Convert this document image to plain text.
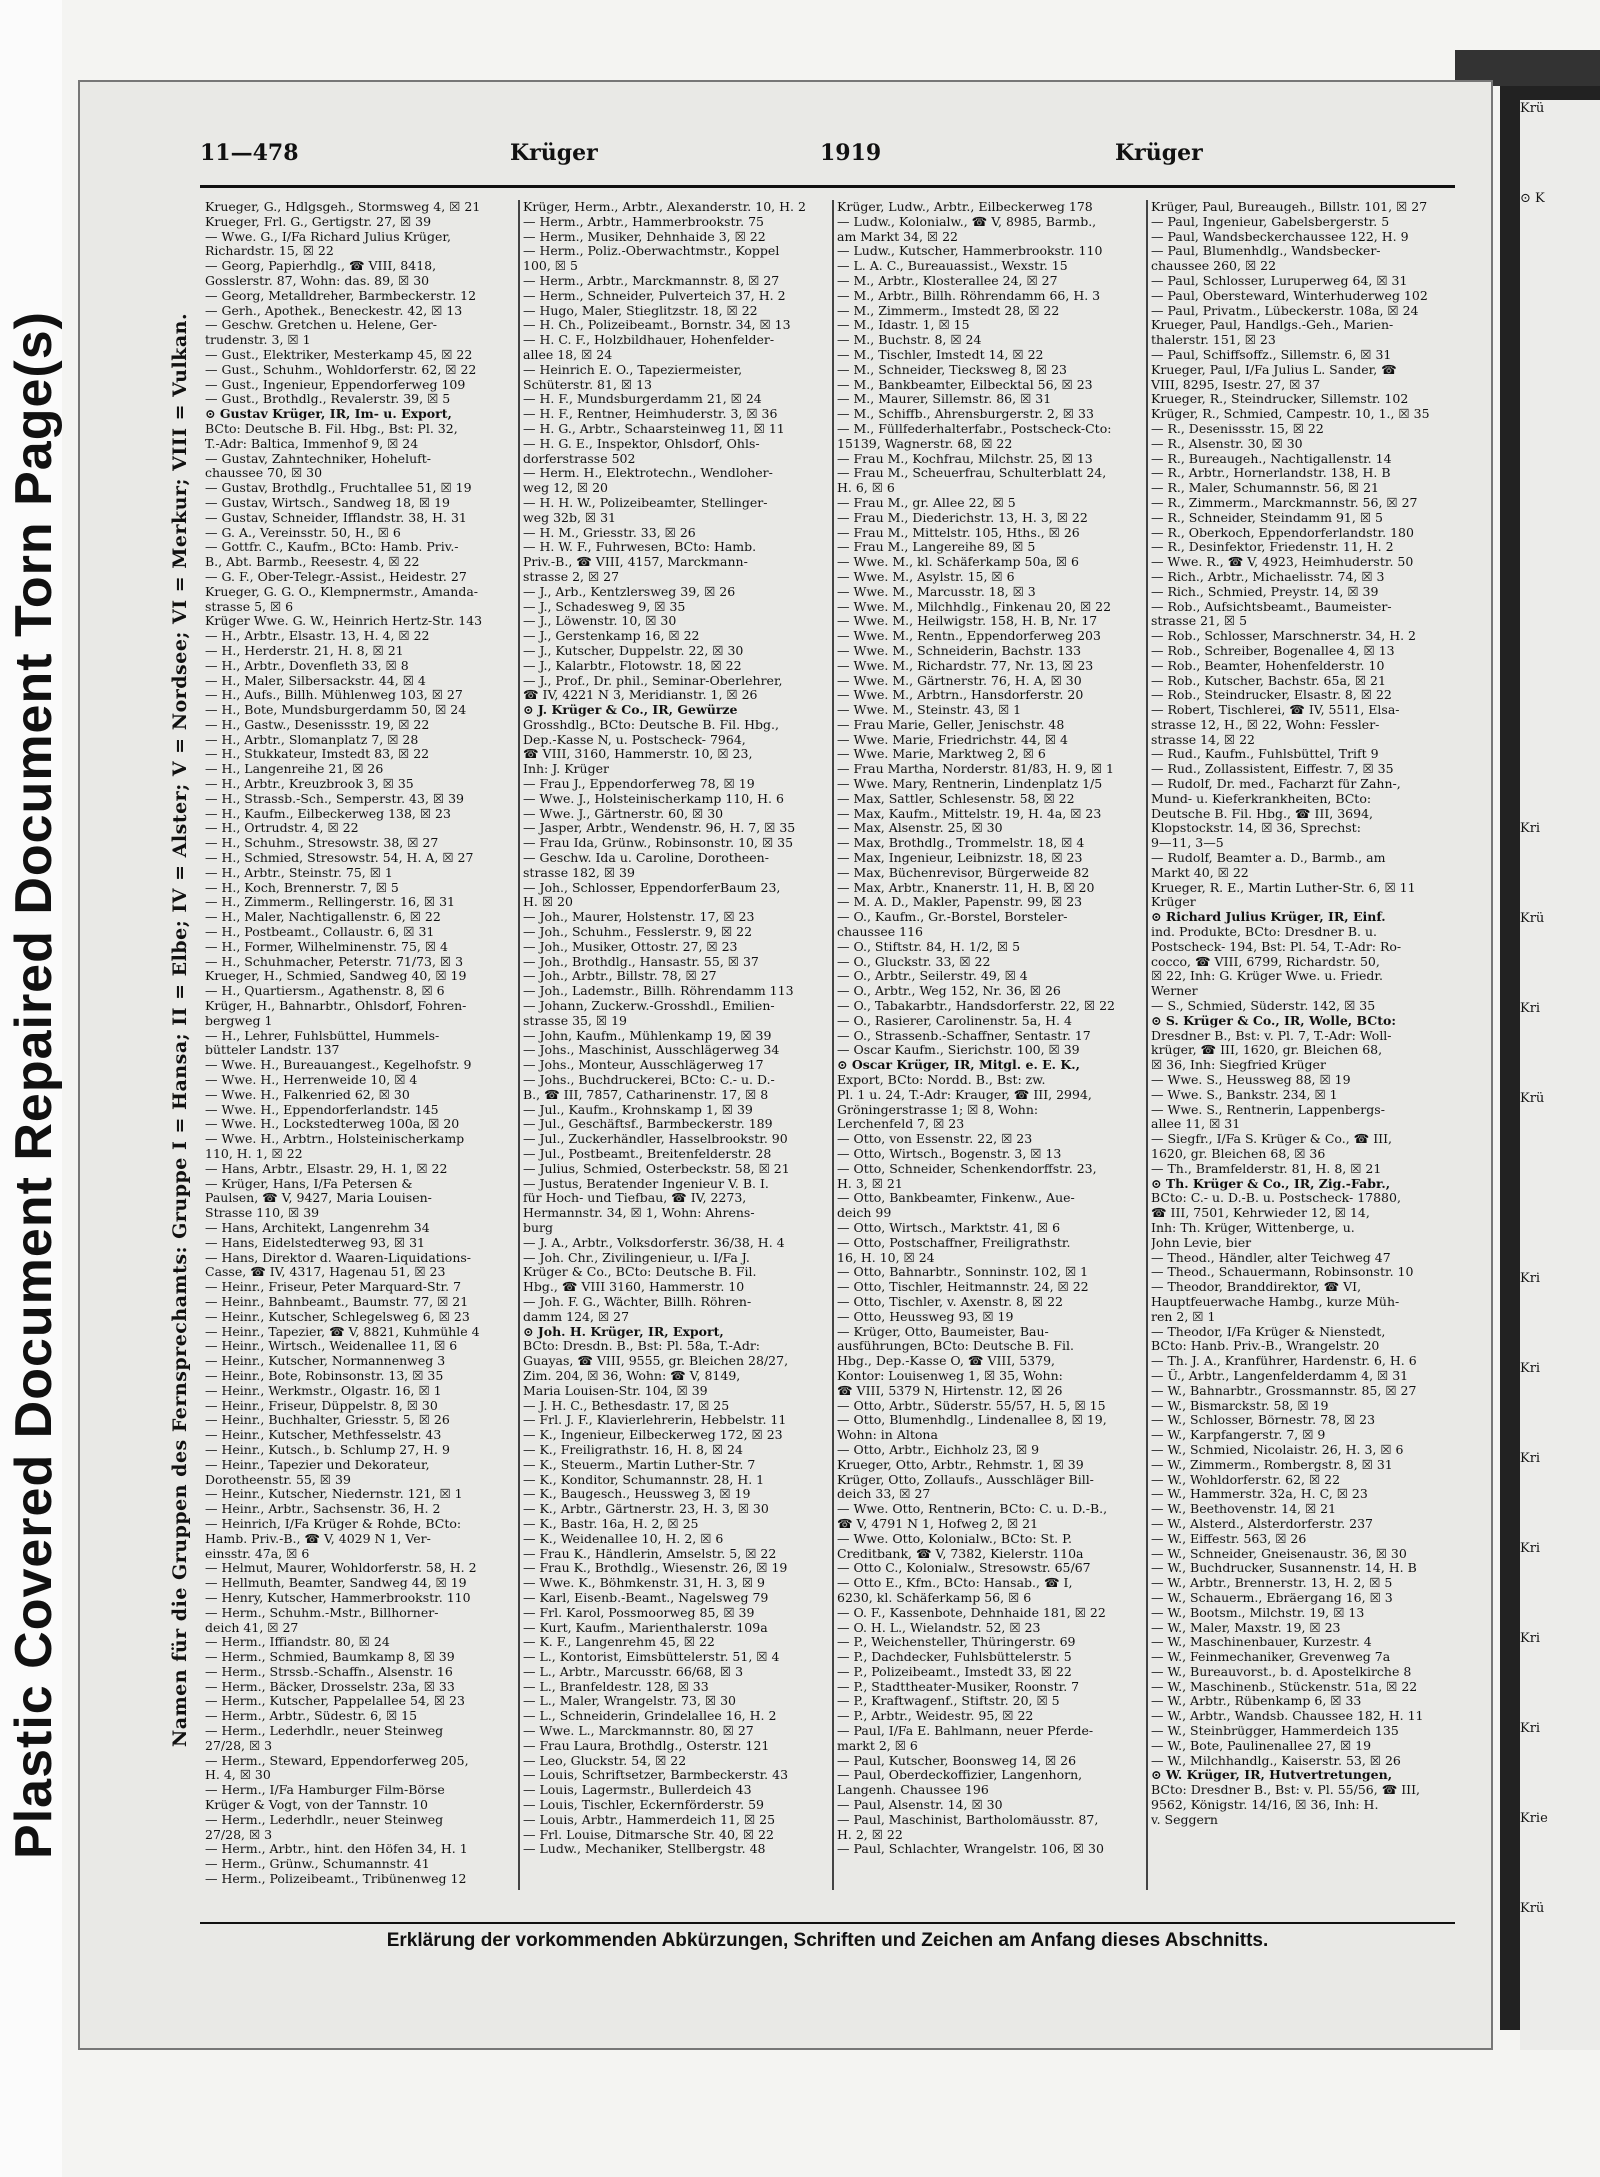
Plastic Covered Document Repaired Document Torn Page(s)
Krü
⊙ K
Kri
Krü
Kri
Krü
Kri
Kri
Kri
Kri
Kri
Kri
Krie
Krü
11—478	Krüger	1919	Krüger
Namen für die Gruppen des Fernsprechamts: Gruppe I = Hansa; II = Elbe; IV = Alster; V = Nordsee; VI = Merkur; VIII = Vulkan.
Krueger, G., Hdlgsgeh., Stormsweg 4, ☒ 21
Krueger, Frl. G., Gertigstr. 27, ☒ 39
— Wwe. G., I/Fa Richard Julius Krüger,
Richardstr. 15, ☒ 22
— Georg, Papierhdlg., ☎ VIII, 8418,
Gosslerstr. 87, Wohn: das. 89, ☒ 30
— Georg, Metalldreher, Barmbeckerstr. 12
— Gerh., Apothek., Beneckestr. 42, ☒ 13
— Geschw. Gretchen u. Helene, Ger-
trudenstr. 3, ☒ 1
— Gust., Elektriker, Mesterkamp 45, ☒ 22
— Gust., Schuhm., Wohldorferstr. 62, ☒ 22
— Gust., Ingenieur, Eppendorferweg 109
— Gust., Brothdlg., Revalerstr. 39, ☒ 5
⊙ Gustav Krüger, IR, Im- u. Export,
BCto: Deutsche B. Fil. Hbg., Bst: Pl. 32,
T.-Adr: Baltica, Immenhof 9, ☒ 24
— Gustav, Zahntechniker, Hoheluft-
chaussee 70, ☒ 30
— Gustav, Brothdlg., Fruchtallee 51, ☒ 19
— Gustav, Wirtsch., Sandweg 18, ☒ 19
— Gustav, Schneider, Ifflandstr. 38, H. 31
— G. A., Vereinsstr. 50, H., ☒ 6
— Gottfr. C., Kaufm., BCto: Hamb. Priv.-
B., Abt. Barmb., Reesestr. 4, ☒ 22
— G. F., Ober-Telegr.-Assist., Heidestr. 27
Krueger, G. G. O., Klempnermstr., Amanda-
strasse 5, ☒ 6
Krüger Wwe. G. W., Heinrich Hertz-Str. 143
— H., Arbtr., Elsastr. 13, H. 4, ☒ 22
— H., Herderstr. 21, H. 8, ☒ 21
— H., Arbtr., Dovenfleth 33, ☒ 8
— H., Maler, Silbersackstr. 44, ☒ 4
— H., Aufs., Billh. Mühlenweg 103, ☒ 27
— H., Bote, Mundsburgerdamm 50, ☒ 24
— H., Gastw., Desenissstr. 19, ☒ 22
— H., Arbtr., Slomanplatz 7, ☒ 28
— H., Stukkateur, Imstedt 83, ☒ 22
— H., Langenreihe 21, ☒ 26
— H., Arbtr., Kreuzbrook 3, ☒ 35
— H., Strassb.-Sch., Semperstr. 43, ☒ 39
— H., Kaufm., Eilbeckerweg 138, ☒ 23
— H., Ortrudstr. 4, ☒ 22
— H., Schuhm., Stresowstr. 38, ☒ 27
— H., Schmied, Stresowstr. 54, H. A, ☒ 27
— H., Arbtr., Steinstr. 75, ☒ 1
— H., Koch, Brennerstr. 7, ☒ 5
— H., Zimmerm., Rellingerstr. 16, ☒ 31
— H., Maler, Nachtigallenstr. 6, ☒ 22
— H., Postbeamt., Collaustr. 6, ☒ 31
— H., Former, Wilhelminenstr. 75, ☒ 4
— H., Schuhmacher, Peterstr. 71/73, ☒ 3
Krueger, H., Schmied, Sandweg 40, ☒ 19
— H., Quartiersm., Agathenstr. 8, ☒ 6
Krüger, H., Bahnarbtr., Ohlsdorf, Fohren-
bergweg 1
— H., Lehrer, Fuhlsbüttel, Hummels-
bütteler Landstr. 137
— Wwe. H., Bureauangest., Kegelhofstr. 9
— Wwe. H., Herrenweide 10, ☒ 4
— Wwe. H., Falkenried 62, ☒ 30
— Wwe. H., Eppendorferlandstr. 145
— Wwe. H., Lockstedterweg 100a, ☒ 20
— Wwe. H., Arbtrn., Holsteinischerkamp
110, H. 1, ☒ 22
— Hans, Arbtr., Elsastr. 29, H. 1, ☒ 22
— Krüger, Hans, I/Fa Petersen &
Paulsen, ☎ V, 9427, Maria Louisen-
Strasse 110, ☒ 39
— Hans, Architekt, Langenrehm 34
— Hans, Eidelstedterweg 93, ☒ 31
— Hans, Direktor d. Waaren-Liquidations-
Casse, ☎ IV, 4317, Hagenau 51, ☒ 23
— Heinr., Friseur, Peter Marquard-Str. 7
— Heinr., Bahnbeamt., Baumstr. 77, ☒ 21
— Heinr., Kutscher, Schlegelsweg 6, ☒ 23
— Heinr., Tapezier, ☎ V, 8821, Kuhmühle 4
— Heinr., Wirtsch., Weidenallee 11, ☒ 6
— Heinr., Kutscher, Normannenweg 3
— Heinr., Bote, Robinsonstr. 13, ☒ 35
— Heinr., Werkmstr., Olgastr. 16, ☒ 1
— Heinr., Friseur, Düppelstr. 8, ☒ 30
— Heinr., Buchhalter, Griesstr. 5, ☒ 26
— Heinr., Kutscher, Methfesselstr. 43
— Heinr., Kutsch., b. Schlump 27, H. 9
— Heinr., Tapezier und Dekorateur,
Dorotheenstr. 55, ☒ 39
— Heinr., Kutscher, Niedernstr. 121, ☒ 1
— Heinr., Arbtr., Sachsenstr. 36, H. 2
— Heinrich, I/Fa Krüger & Rohde, BCto:
Hamb. Priv.-B., ☎ V, 4029 N 1, Ver-
einsstr. 47a, ☒ 6
— Helmut, Maurer, Wohldorferstr. 58, H. 2
— Hellmuth, Beamter, Sandweg 44, ☒ 19
— Henry, Kutscher, Hammerbrookstr. 110
— Herm., Schuhm.-Mstr., Billhorner-
deich 41, ☒ 27
— Herm., Iffiandstr. 80, ☒ 24
— Herm., Schmied, Baumkamp 8, ☒ 39
— Herm., Strssb.-Schaffn., Alsenstr. 16
— Herm., Bäcker, Drosselstr. 23a, ☒ 33
— Herm., Kutscher, Pappelallee 54, ☒ 23
— Herm., Arbtr., Südestr. 6, ☒ 15
— Herm., Lederhdlr., neuer Steinweg
27/28, ☒ 3
— Herm., Steward, Eppendorferweg 205,
H. 4, ☒ 30
— Herm., I/Fa Hamburger Film-Börse
Krüger & Vogt, von der Tannstr. 10
— Herm., Lederhdlr., neuer Steinweg
27/28, ☒ 3
— Herm., Arbtr., hint. den Höfen 34, H. 1
— Herm., Grünw., Schumannstr. 41
— Herm., Polizeibeamt., Tribünenweg 12
Krüger, Herm., Arbtr., Alexanderstr. 10, H. 2
— Herm., Arbtr., Hammerbrookstr. 75
— Herm., Musiker, Dehnhaide 3, ☒ 22
— Herm., Poliz.-Oberwachtmstr., Koppel
100, ☒ 5
— Herm., Arbtr., Marckmannstr. 8, ☒ 27
— Herm., Schneider, Pulverteich 37, H. 2
— Hugo, Maler, Stieglitzstr. 18, ☒ 22
— H. Ch., Polizeibeamt., Bornstr. 34, ☒ 13
— H. C. F., Holzbildhauer, Hohenfelder-
allee 18, ☒ 24
— Heinrich E. O., Tapeziermeister,
Schüterstr. 81, ☒ 13
— H. F., Mundsburgerdamm 21, ☒ 24
— H. F., Rentner, Heimhuderstr. 3, ☒ 36
— H. G., Arbtr., Schaarsteinweg 11, ☒ 11
— H. G. E., Inspektor, Ohlsdorf, Ohls-
dorferstrasse 502
— Herm. H., Elektrotechn., Wendloher-
weg 12, ☒ 20
— H. H. W., Polizeibeamter, Stellinger-
weg 32b, ☒ 31
— H. M., Griesstr. 33, ☒ 26
— H. W. F., Fuhrwesen, BCto: Hamb.
Priv.-B., ☎ VIII, 4157, Marckmann-
strasse 2, ☒ 27
— J., Arb., Kentzlersweg 39, ☒ 26
— J., Schadesweg 9, ☒ 35
— J., Löwenstr. 10, ☒ 30
— J., Gerstenkamp 16, ☒ 22
— J., Kutscher, Duppelstr. 22, ☒ 30
— J., Kalarbtr., Flotowstr. 18, ☒ 22
— J., Prof., Dr. phil., Seminar-Oberlehrer,
☎ IV, 4221 N 3, Meridianstr. 1, ☒ 26
⊙ J. Krüger & Co., IR, Gewürze
Grosshdlg., BCto: Deutsche B. Fil. Hbg.,
Dep.-Kasse N, u. Postscheck- 7964,
☎ VIII, 3160, Hammerstr. 10, ☒ 23,
Inh: J. Krüger
— Frau J., Eppendorferweg 78, ☒ 19
— Wwe. J., Holsteinischerkamp 110, H. 6
— Wwe. J., Gärtnerstr. 60, ☒ 30
— Jasper, Arbtr., Wendenstr. 96, H. 7, ☒ 35
— Frau Ida, Grünw., Robinsonstr. 10, ☒ 35
— Geschw. Ida u. Caroline, Dorotheen-
strasse 182, ☒ 39
— Joh., Schlosser, EppendorferBaum 23,
H. ☒ 20
— Joh., Maurer, Holstenstr. 17, ☒ 23
— Joh., Schuhm., Fesslerstr. 9, ☒ 22
— Joh., Musiker, Ottostr. 27, ☒ 23
— Joh., Brothdlg., Hansastr. 55, ☒ 37
— Joh., Arbtr., Billstr. 78, ☒ 27
— Joh., Lademstr., Billh. Röhrendamm 113
— Johann, Zuckerw.-Grosshdl., Emilien-
strasse 35, ☒ 19
— John, Kaufm., Mühlenkamp 19, ☒ 39
— Johs., Maschinist, Ausschlägerweg 34
— Johs., Monteur, Ausschlägerweg 17
— Johs., Buchdruckerei, BCto: C.- u. D.-
B., ☎ III, 7857, Catharinenstr. 17, ☒ 8
— Jul., Kaufm., Krohnskamp 1, ☒ 39
— Jul., Geschäftsf., Barmbeckerstr. 189
— Jul., Zuckerhändler, Hasselbrookstr. 90
— Jul., Postbeamt., Breitenfelderstr. 28
— Julius, Schmied, Osterbeckstr. 58, ☒ 21
— Justus, Beratender Ingenieur V. B. I.
für Hoch- und Tiefbau, ☎ IV, 2273,
Hermannstr. 34, ☒ 1, Wohn: Ahrens-
burg
— J. A., Arbtr., Volksdorferstr. 36/38, H. 4
— Joh. Chr., Zivilingenieur, u. I/Fa J.
Krüger & Co., BCto: Deutsche B. Fil.
Hbg., ☎ VIII 3160, Hammerstr. 10
— Joh. F. G., Wächter, Billh. Röhren-
damm 124, ☒ 27
⊙ Joh. H. Krüger, IR, Export,
BCto: Dresdn. B., Bst: Pl. 58a, T.-Adr:
Guayas, ☎ VIII, 9555, gr. Bleichen 28/27,
Zim. 204, ☒ 36, Wohn: ☎ V, 8149,
Maria Louisen-Str. 104, ☒ 39
— J. H. C., Bethesdastr. 17, ☒ 25
— Frl. J. F., Klavierlehrerin, Hebbelstr. 11
— K., Ingenieur, Eilbeckerweg 172, ☒ 23
— K., Freiligrathstr. 16, H. 8, ☒ 24
— K., Steuerm., Martin Luther-Str. 7
— K., Konditor, Schumannstr. 28, H. 1
— K., Baugesch., Heussweg 3, ☒ 19
— K., Arbtr., Gärtnerstr. 23, H. 3, ☒ 30
— K., Bastr. 16a, H. 2, ☒ 25
— K., Weidenallee 10, H. 2, ☒ 6
— Frau K., Händlerin, Amselstr. 5, ☒ 22
— Frau K., Brothdlg., Wiesenstr. 26, ☒ 19
— Wwe. K., Böhmkenstr. 31, H. 3, ☒ 9
— Karl, Eisenb.-Beamt., Nagelsweg 79
— Frl. Karol, Possmoorweg 85, ☒ 39
— Kurt, Kaufm., Marienthalerstr. 109a
— K. F., Langenrehm 45, ☒ 22
— L., Kontorist, Eimsbüttelerstr. 51, ☒ 4
— L., Arbtr., Marcusstr. 66/68, ☒ 3
— L., Branfeldestr. 128, ☒ 33
— L., Maler, Wrangelstr. 73, ☒ 30
— L., Schneiderin, Grindelallee 16, H. 2
— Wwe. L., Marckmannstr. 80, ☒ 27
— Frau Laura, Brothdlg., Osterstr. 121
— Leo, Gluckstr. 54, ☒ 22
— Louis, Schriftsetzer, Barmbeckerstr. 43
— Louis, Lagermstr., Bullerdeich 43
— Louis, Tischler, Eckernförderstr. 59
— Louis, Arbtr., Hammerdeich 11, ☒ 25
— Frl. Louise, Ditmarsche Str. 40, ☒ 22
— Ludw., Mechaniker, Stellbergstr. 48
Krüger, Ludw., Arbtr., Eilbeckerweg 178
— Ludw., Kolonialw., ☎ V, 8985, Barmb.,
am Markt 34, ☒ 22
— Ludw., Kutscher, Hammerbrookstr. 110
— L. A. C., Bureauassist., Wexstr. 15
— M., Arbtr., Klosterallee 24, ☒ 27
— M., Arbtr., Billh. Röhrendamm 66, H. 3
— M., Zimmerm., Imstedt 28, ☒ 22
— M., Idastr. 1, ☒ 15
— M., Buchstr. 8, ☒ 24
— M., Tischler, Imstedt 14, ☒ 22
— M., Schneider, Tiecksweg 8, ☒ 23
— M., Bankbeamter, Eilbecktal 56, ☒ 23
— M., Maurer, Sillemstr. 86, ☒ 31
— M., Schiffb., Ahrensburgerstr. 2, ☒ 33
— M., Füllfederhalterfabr., Postscheck-Cto:
15139, Wagnerstr. 68, ☒ 22
— Frau M., Kochfrau, Milchstr. 25, ☒ 13
— Frau M., Scheuerfrau, Schulterblatt 24,
H. 6, ☒ 6
— Frau M., gr. Allee 22, ☒ 5
— Frau M., Diederichstr. 13, H. 3, ☒ 22
— Frau M., Mittelstr. 105, Hths., ☒ 26
— Frau M., Langereihe 89, ☒ 5
— Wwe. M., kl. Schäferkamp 50a, ☒ 6
— Wwe. M., Asylstr. 15, ☒ 6
— Wwe. M., Marcusstr. 18, ☒ 3
— Wwe. M., Milchhdlg., Finkenau 20, ☒ 22
— Wwe. M., Heilwigstr. 158, H. B, Nr. 17
— Wwe. M., Rentn., Eppendorferweg 203
— Wwe. M., Schneiderin, Bachstr. 133
— Wwe. M., Richardstr. 77, Nr. 13, ☒ 23
— Wwe. M., Gärtnerstr. 76, H. A, ☒ 30
— Wwe. M., Arbtrn., Hansdorferstr. 20
— Wwe. M., Steinstr. 43, ☒ 1
— Frau Marie, Geller, Jenischstr. 48
— Wwe. Marie, Friedrichstr. 44, ☒ 4
— Wwe. Marie, Marktweg 2, ☒ 6
— Frau Martha, Norderstr. 81/83, H. 9, ☒ 1
— Wwe. Mary, Rentnerin, Lindenplatz 1/5
— Max, Sattler, Schlesenstr. 58, ☒ 22
— Max, Kaufm., Mittelstr. 19, H. 4a, ☒ 23
— Max, Alsenstr. 25, ☒ 30
— Max, Brothdlg., Trommelstr. 18, ☒ 4
— Max, Ingenieur, Leibnizstr. 18, ☒ 23
— Max, Büchenrevisor, Bürgerweide 82
— Max, Arbtr., Knanerstr. 11, H. B, ☒ 20
— M. A. D., Makler, Papenstr. 99, ☒ 23
— O., Kaufm., Gr.-Borstel, Borsteler-
chaussee 116
— O., Stiftstr. 84, H. 1/2, ☒ 5
— O., Gluckstr. 33, ☒ 22
— O., Arbtr., Seilerstr. 49, ☒ 4
— O., Arbtr., Weg 152, Nr. 36, ☒ 26
— O., Tabakarbtr., Handsdorferstr. 22, ☒ 22
— O., Rasierer, Carolinenstr. 5a, H. 4
— O., Strassenb.-Schaffner, Sentastr. 17
— Oscar Kaufm., Sierichstr. 100, ☒ 39
⊙ Oscar Krüger, IR, Mitgl. e. E. K.,
Export, BCto: Nordd. B., Bst: zw.
Pl. 1 u. 24, T.-Adr: Krauger, ☎ III, 2994,
Gröningerstrasse 1; ☒ 8, Wohn:
Lerchenfeld 7, ☒ 23
— Otto, von Essenstr. 22, ☒ 23
— Otto, Wirtsch., Bogenstr. 3, ☒ 13
— Otto, Schneider, Schenkendorffstr. 23,
H. 3, ☒ 21
— Otto, Bankbeamter, Finkenw., Aue-
deich 99
— Otto, Wirtsch., Marktstr. 41, ☒ 6
— Otto, Postschaffner, Freiligrathstr.
16, H. 10, ☒ 24
— Otto, Bahnarbtr., Sonninstr. 102, ☒ 1
— Otto, Tischler, Heitmannstr. 24, ☒ 22
— Otto, Tischler, v. Axenstr. 8, ☒ 22
— Otto, Heussweg 93, ☒ 19
— Krüger, Otto, Baumeister, Bau-
ausführungen, BCto: Deutsche B. Fil.
Hbg., Dep.-Kasse O, ☎ VIII, 5379,
Kontor: Louisenweg 1, ☒ 35, Wohn:
☎ VIII, 5379 N, Hirtenstr. 12, ☒ 26
— Otto, Arbtr., Süderstr. 55/57, H. 5, ☒ 15
— Otto, Blumenhdlg., Lindenallee 8, ☒ 19,
Wohn: in Altona
— Otto, Arbtr., Eichholz 23, ☒ 9
Krueger, Otto, Arbtr., Rehmstr. 1, ☒ 39
Krüger, Otto, Zollaufs., Ausschläger Bill-
deich 33, ☒ 27
— Wwe. Otto, Rentnerin, BCto: C. u. D.-B.,
☎ V, 4791 N 1, Hofweg 2, ☒ 21
— Wwe. Otto, Kolonialw., BCto: St. P.
Creditbank, ☎ V, 7382, Kielerstr. 110a
— Otto C., Kolonialw., Stresowstr. 65/67
— Otto E., Kfm., BCto: Hansab., ☎ I,
6230, kl. Schäferkamp 56, ☒ 6
— O. F., Kassenbote, Dehnhaide 181, ☒ 22
— O. H. L., Wielandstr. 52, ☒ 23
— P., Weichensteller, Thüringerstr. 69
— P., Dachdecker, Fuhlsbüttelerstr. 5
— P., Polizeibeamt., Imstedt 33, ☒ 22
— P., Stadttheater-Musiker, Roonstr. 7
— P., Kraftwagenf., Stiftstr. 20, ☒ 5
— P., Arbtr., Weidestr. 95, ☒ 22
— Paul, I/Fa E. Bahlmann, neuer Pferde-
markt 2, ☒ 6
— Paul, Kutscher, Boonsweg 14, ☒ 26
— Paul, Oberdeckoffizier, Langenhorn,
Langenh. Chaussee 196
— Paul, Alsenstr. 14, ☒ 30
— Paul, Maschinist, Bartholomäusstr. 87,
H. 2, ☒ 22
— Paul, Schlachter, Wrangelstr. 106, ☒ 30
Krüger, Paul, Bureaugeh., Billstr. 101, ☒ 27
— Paul, Ingenieur, Gabelsbergerstr. 5
— Paul, Wandsbeckerchaussee 122, H. 9
— Paul, Blumenhdlg., Wandsbecker-
chaussee 260, ☒ 22
— Paul, Schlosser, Luruperweg 64, ☒ 31
— Paul, Obersteward, Winterhuderweg 102
— Paul, Privatm., Lübeckerstr. 108a, ☒ 24
Krueger, Paul, Handlgs.-Geh., Marien-
thalerstr. 151, ☒ 23
— Paul, Schiffsoffz., Sillemstr. 6, ☒ 31
Krueger, Paul, I/Fa Julius L. Sander, ☎
VIII, 8295, Isestr. 27, ☒ 37
Krueger, R., Steindrucker, Sillemstr. 102
Krüger, R., Schmied, Campestr. 10, 1., ☒ 35
— R., Desenissstr. 15, ☒ 22
— R., Alsenstr. 30, ☒ 30
— R., Bureaugeh., Nachtigallenstr. 14
— R., Arbtr., Hornerlandstr. 138, H. B
— R., Maler, Schumannstr. 56, ☒ 21
— R., Zimmerm., Marckmannstr. 56, ☒ 27
— R., Schneider, Steindamm 91, ☒ 5
— R., Oberkoch, Eppendorferlandstr. 180
— R., Desinfektor, Friedenstr. 11, H. 2
— Wwe. R., ☎ V, 4923, Heimhuderstr. 50
— Rich., Arbtr., Michaelisstr. 74, ☒ 3
— Rich., Schmied, Preystr. 14, ☒ 39
— Rob., Aufsichtsbeamt., Baumeister-
strasse 21, ☒ 5
— Rob., Schlosser, Marschnerstr. 34, H. 2
— Rob., Schreiber, Bogenallee 4, ☒ 13
— Rob., Beamter, Hohenfelderstr. 10
— Rob., Kutscher, Bachstr. 65a, ☒ 21
— Rob., Steindrucker, Elsastr. 8, ☒ 22
— Robert, Tischlerei, ☎ IV, 5511, Elsa-
strasse 12, H., ☒ 22, Wohn: Fessler-
strasse 14, ☒ 22
— Rud., Kaufm., Fuhlsbüttel, Trift 9
— Rud., Zollassistent, Eiffestr. 7, ☒ 35
— Rudolf, Dr. med., Facharzt für Zahn-,
Mund- u. Kieferkrankheiten, BCto:
Deutsche B. Fil. Hbg., ☎ III, 3694,
Klopstockstr. 14, ☒ 36, Sprechst:
9—11, 3—5
— Rudolf, Beamter a. D., Barmb., am
Markt 40, ☒ 22
Krueger, R. E., Martin Luther-Str. 6, ☒ 11
Krüger
⊙ Richard Julius Krüger, IR, Einf.
ind. Produkte, BCto: Dresdner B. u.
Postscheck- 194, Bst: Pl. 54, T.-Adr: Ro-
cocco, ☎ VIII, 6799, Richardstr. 50,
☒ 22, Inh: G. Krüger Wwe. u. Friedr.
Werner
— S., Schmied, Süderstr. 142, ☒ 35
⊙ S. Krüger & Co., IR, Wolle, BCto:
Dresdner B., Bst: v. Pl. 7, T.-Adr: Woll-
krüger, ☎ III, 1620, gr. Bleichen 68,
☒ 36, Inh: Siegfried Krüger
— Wwe. S., Heussweg 88, ☒ 19
— Wwe. S., Bankstr. 234, ☒ 1
— Wwe. S., Rentnerin, Lappenbergs-
allee 11, ☒ 31
— Siegfr., I/Fa S. Krüger & Co., ☎ III,
1620, gr. Bleichen 68, ☒ 36
— Th., Bramfelderstr. 81, H. 8, ☒ 21
⊙ Th. Krüger & Co., IR, Zig.-Fabr.,
BCto: C.- u. D.-B. u. Postscheck- 17880,
☎ III, 7501, Kehrwieder 12, ☒ 14,
Inh: Th. Krüger, Wittenberge, u.
John Levie, bier
— Theod., Händler, alter Teichweg 47
— Theod., Schauermann, Robinsonstr. 10
— Theodor, Branddirektor, ☎ VI,
Hauptfeuerwache Hambg., kurze Müh-
ren 2, ☒ 1
— Theodor, I/Fa Krüger & Nienstedt,
BCto: Hanb. Priv.-B., Wrangelstr. 20
— Th. J. A., Kranführer, Hardenstr. 6, H. 6
— Ü., Arbtr., Langenfelderdamm 4, ☒ 31
— W., Bahnarbtr., Grossmannstr. 85, ☒ 27
— W., Bismarckstr. 58, ☒ 19
— W., Schlosser, Börnestr. 78, ☒ 23
— W., Karpfangerstr. 7, ☒ 9
— W., Schmied, Nicolaistr. 26, H. 3, ☒ 6
— W., Zimmerm., Rombergstr. 8, ☒ 31
— W., Wohldorferstr. 62, ☒ 22
— W., Hammerstr. 32a, H. C, ☒ 23
— W., Beethovenstr. 14, ☒ 21
— W., Alsterd., Alsterdorferstr. 237
— W., Eiffestr. 563, ☒ 26
— W., Schneider, Gneisenaustr. 36, ☒ 30
— W., Buchdrucker, Susannenstr. 14, H. B
— W., Arbtr., Brennerstr. 13, H. 2, ☒ 5
— W., Schauerm., Ebräergang 16, ☒ 3
— W., Bootsm., Milchstr. 19, ☒ 13
— W., Maler, Maxstr. 19, ☒ 23
— W., Maschinenbauer, Kurzestr. 4
— W., Feinmechaniker, Grevenweg 7a
— W., Bureauvorst., b. d. Apostelkirche 8
— W., Maschinenb., Stückenstr. 51a, ☒ 22
— W., Arbtr., Rübenkamp 6, ☒ 33
— W., Arbtr., Wandsb. Chaussee 182, H. 11
— W., Steinbrügger, Hammerdeich 135
— W., Bote, Paulinenallee 27, ☒ 19
— W., Milchhandlg., Kaiserstr. 53, ☒ 26
⊙ W. Krüger, IR, Hutvertretungen,
BCto: Dresdner B., Bst: v. Pl. 55/56, ☎ III,
9562, Königstr. 14/16, ☒ 36, Inh: H.
v. Seggern
Erklärung der vorkommenden Abkürzungen, Schriften und Zeichen am Anfang dieses Abschnitts.
